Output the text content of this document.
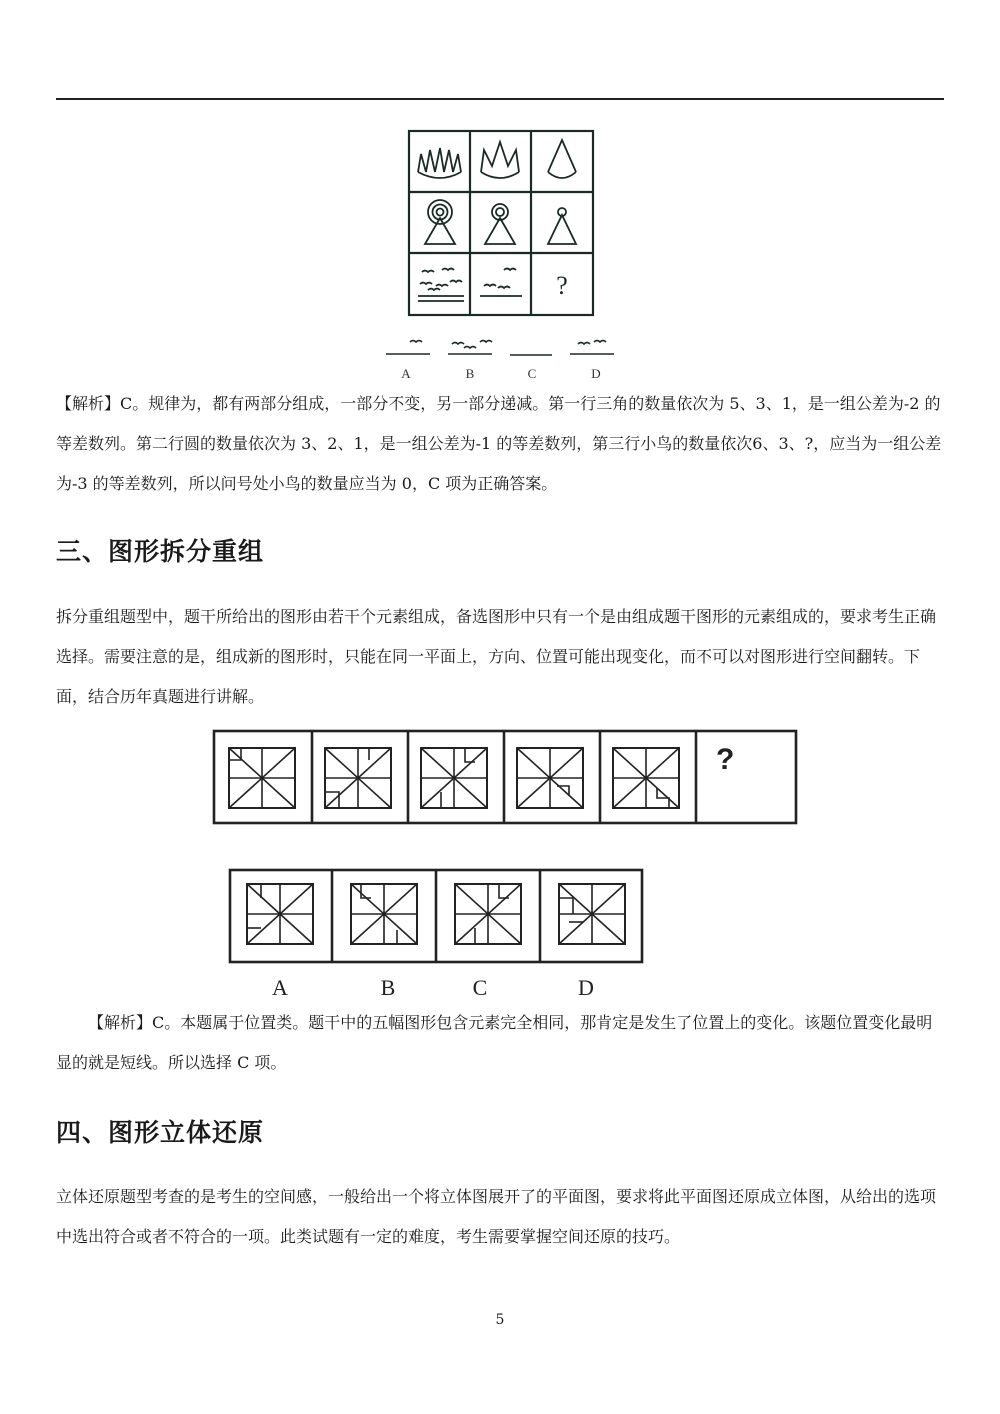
?
A	B	C	D

【解析】C。规律为，都有两部分组成，一部分不变，另一部分递减。第一行三角的数量依次为 5、3、1，是一组公差为-2 的等差数列。第二行圆的数量依次为 3、2、1，是一组公差为-1 的等差数列，第三行小鸟的数量依次6、3、?，应当为一组公差为-3 的等差数列，所以问号处小鸟的数量应当为 0，C 项为正确答案。

三、图形拆分重组

拆分重组题型中，题干所给出的图形由若干个元素组成，备选图形中只有一个是由组成题干图形的元素组成的，要求考生正确选择。需要注意的是，组成新的图形时，只能在同一平面上，方向、位置可能出现变化，而不可以对图形进行空间翻转。下面，结合历年真题进行讲解。

?
A	B	C	D

【解析】C。本题属于位置类。题干中的五幅图形包含元素完全相同，那肯定是发生了位置上的变化。该题位置变化最明显的就是短线。所以选择 C 项。

四、图形立体还原

立体还原题型考查的是考生的空间感，一般给出一个将立体图展开了的平面图，要求将此平面图还原成立体图，从给出的选项中选出符合或者不符合的一项。此类试题有一定的难度，考生需要掌握空间还原的技巧。

5
